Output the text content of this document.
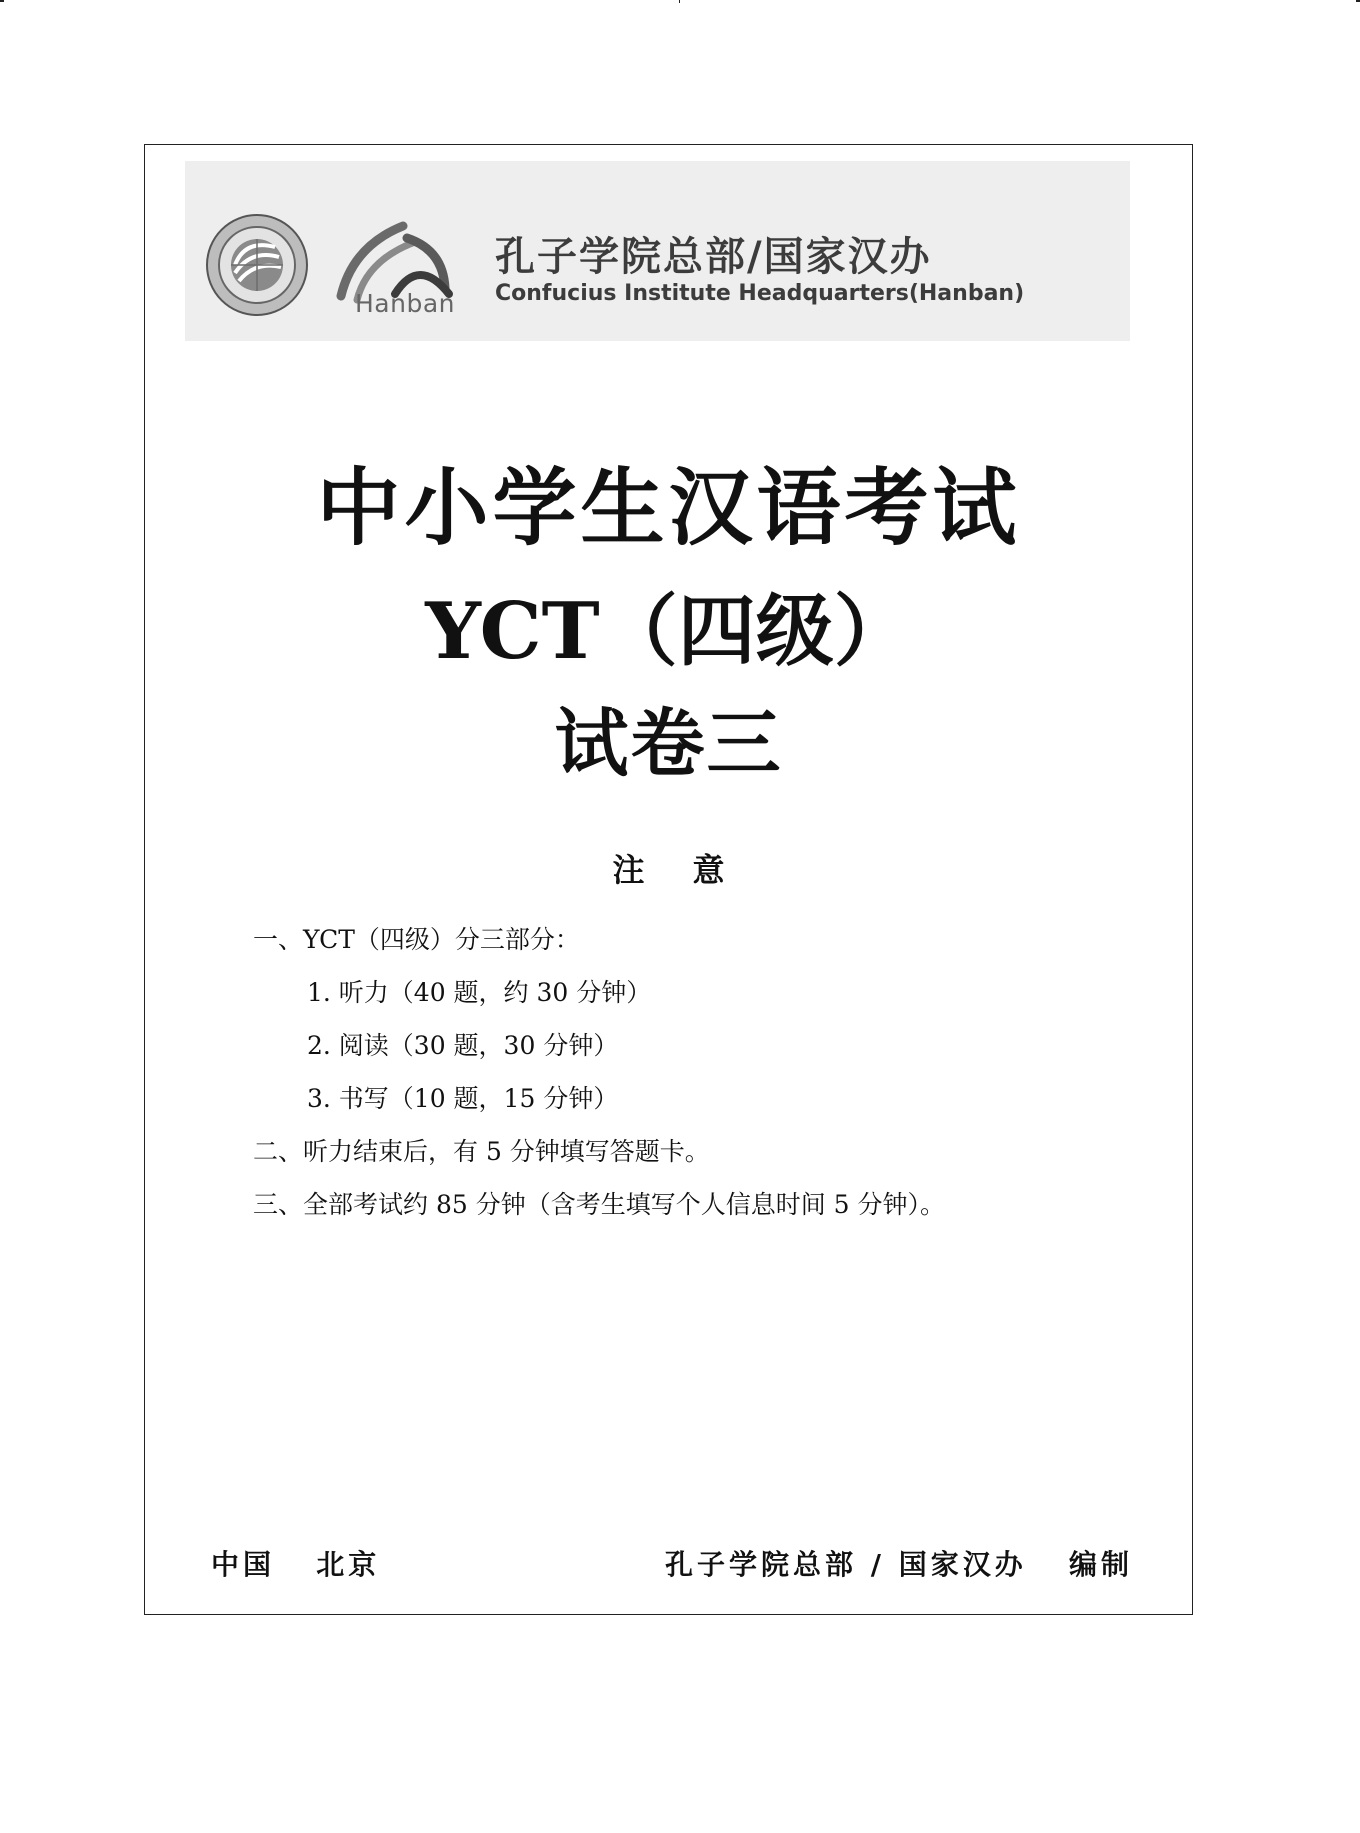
Hanban
孔子学院总部/国家汉办
Confucius Institute Headquarters(Hanban)
中小学生汉语考试
YCT（四级）
试卷三
注意
一、YCT（四级）分三部分：
1. 听力（40 题，约 30 分钟）
2. 阅读（30 题，30 分钟）
3. 书写（10 题，15 分钟）
二、听力结束后，有 5 分钟填写答题卡。
三、全部考试约 85 分钟（含考生填写个人信息时间 5 分钟）。
中国   北京	孔子学院总部 / 国家汉办 编制
